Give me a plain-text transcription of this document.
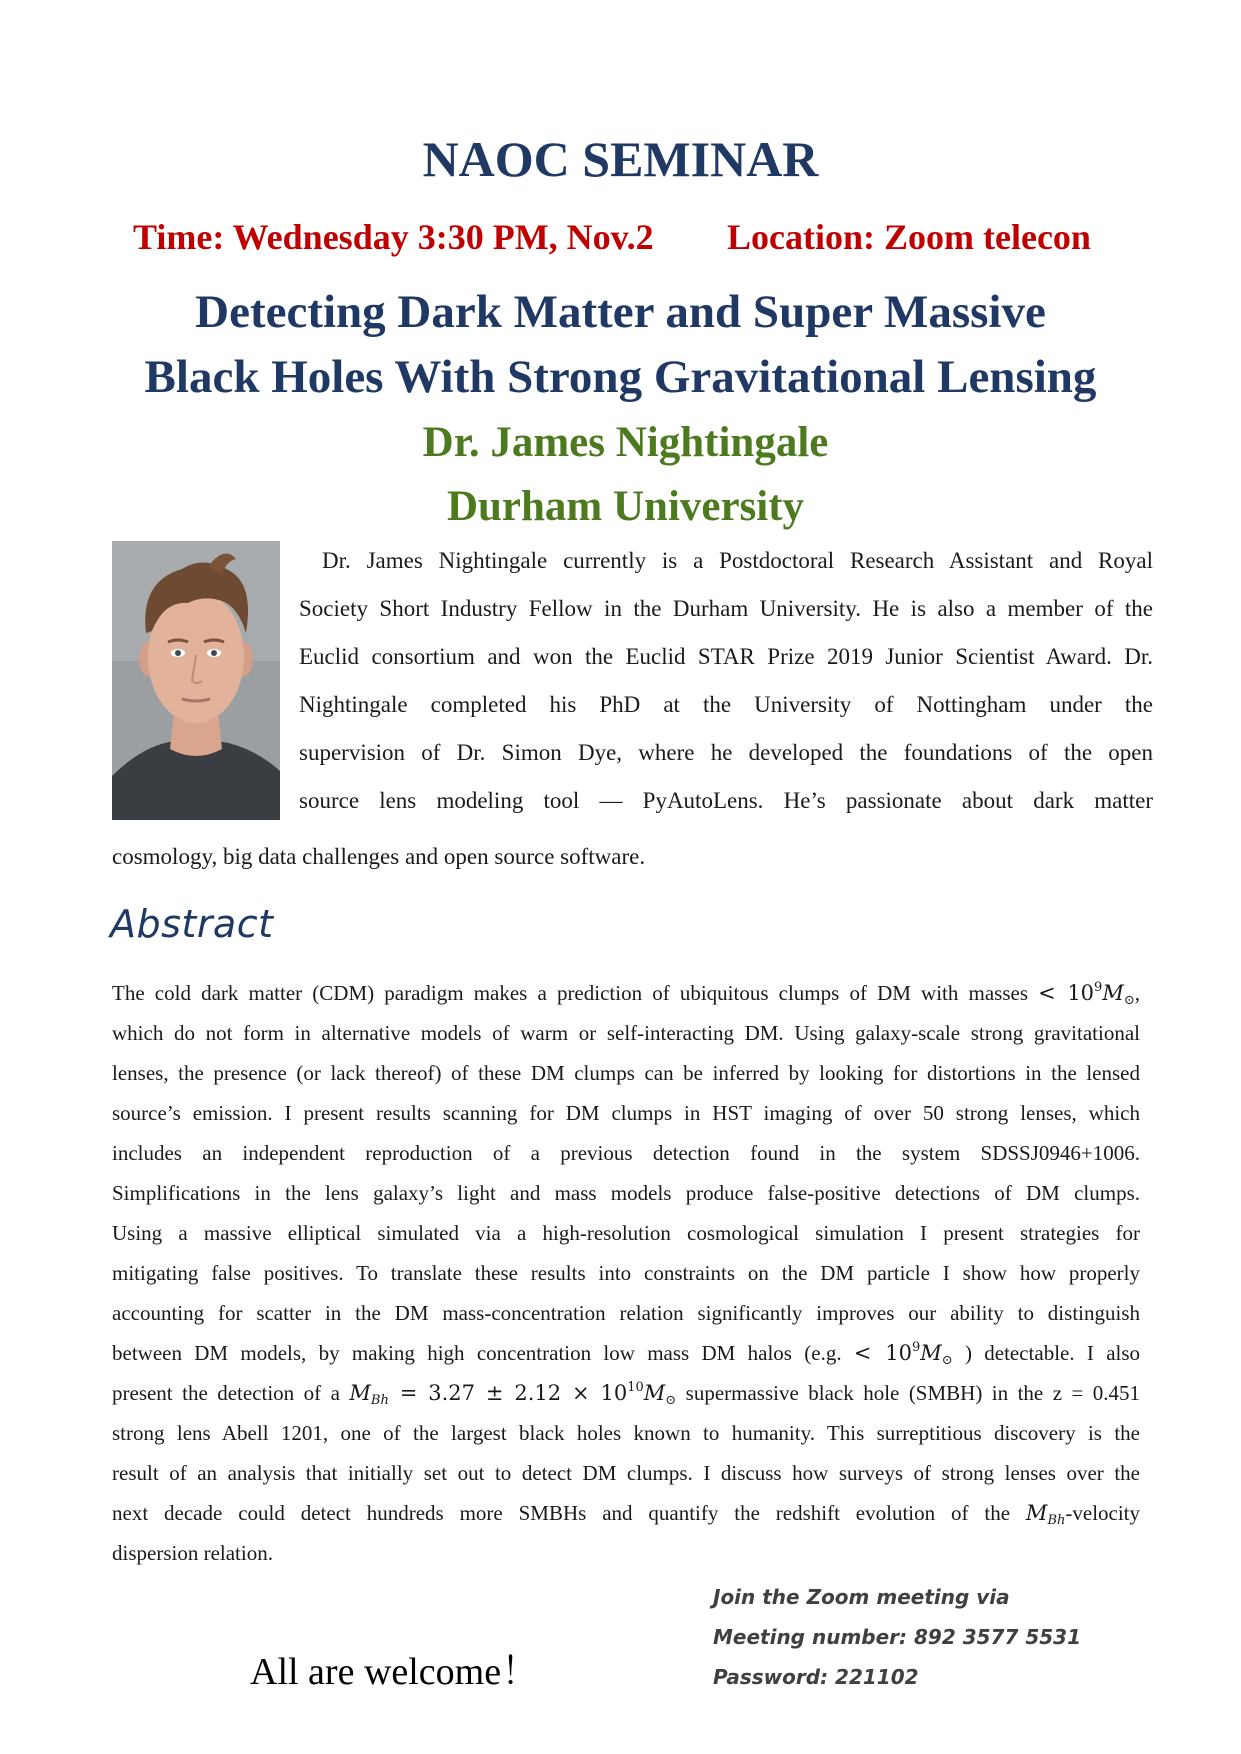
NAOC SEMINAR
Time: Wednesday 3:30 PM, Nov.2 Location: Zoom telecon
Detecting Dark Matter and Super Massive
Black Holes With Strong Gravitational Lensing
Dr. James Nightingale
Durham University
Dr. James Nightingale currently is a Postdoctoral Research Assistant and Royal
Society Short Industry Fellow in the Durham University. He is also a member of the
Euclid consortium and won the Euclid STAR Prize 2019 Junior Scientist Award. Dr.
Nightingale completed his PhD at the University of Nottingham under the
supervision of Dr. Simon Dye, where he developed the foundations of the open
source lens modeling tool — PyAutoLens. He’s passionate about dark matter
cosmology, big data challenges and open source software.
Abstract
The cold dark matter (CDM) paradigm makes a prediction of ubiquitous clumps of DM with masses < $10^9M_⊙$,
which do not form in alternative models of warm or self-interacting DM. Using galaxy-scale strong gravitational
lenses, the presence (or lack thereof) of these DM clumps can be inferred by looking for distortions in the lensed
source’s emission. I present results scanning for DM clumps in HST imaging of over 50 strong lenses, which
includes an independent reproduction of a previous detection found in the system SDSSJ0946+1006.
Simplifications in the lens galaxy’s light and mass models produce false-positive detections of DM clumps.
Using a massive elliptical simulated via a high-resolution cosmological simulation I present strategies for
mitigating false positives. To translate these results into constraints on the DM particle I show how properly
accounting for scatter in the DM mass-concentration relation significantly improves our ability to distinguish
between DM models, by making high concentration low mass DM halos (e.g. < $10^9M_⊙$ ) detectable. I also
present the detection of a $M_{Bh} = 3.27 \pm 2.12 \times 10^{10}M_⊙$ supermassive black hole (SMBH) in the z = 0.451
strong lens Abell 1201, one of the largest black holes known to humanity. This surreptitious discovery is the
result of an analysis that initially set out to detect DM clumps. I discuss how surveys of strong lenses over the
next decade could detect hundreds more SMBHs and quantify the redshift evolution of the $M_{Bh}$-velocity
dispersion relation.
All are welcome！
Join the Zoom meeting via
Meeting number: 892 3577 5531
Password: 221102
